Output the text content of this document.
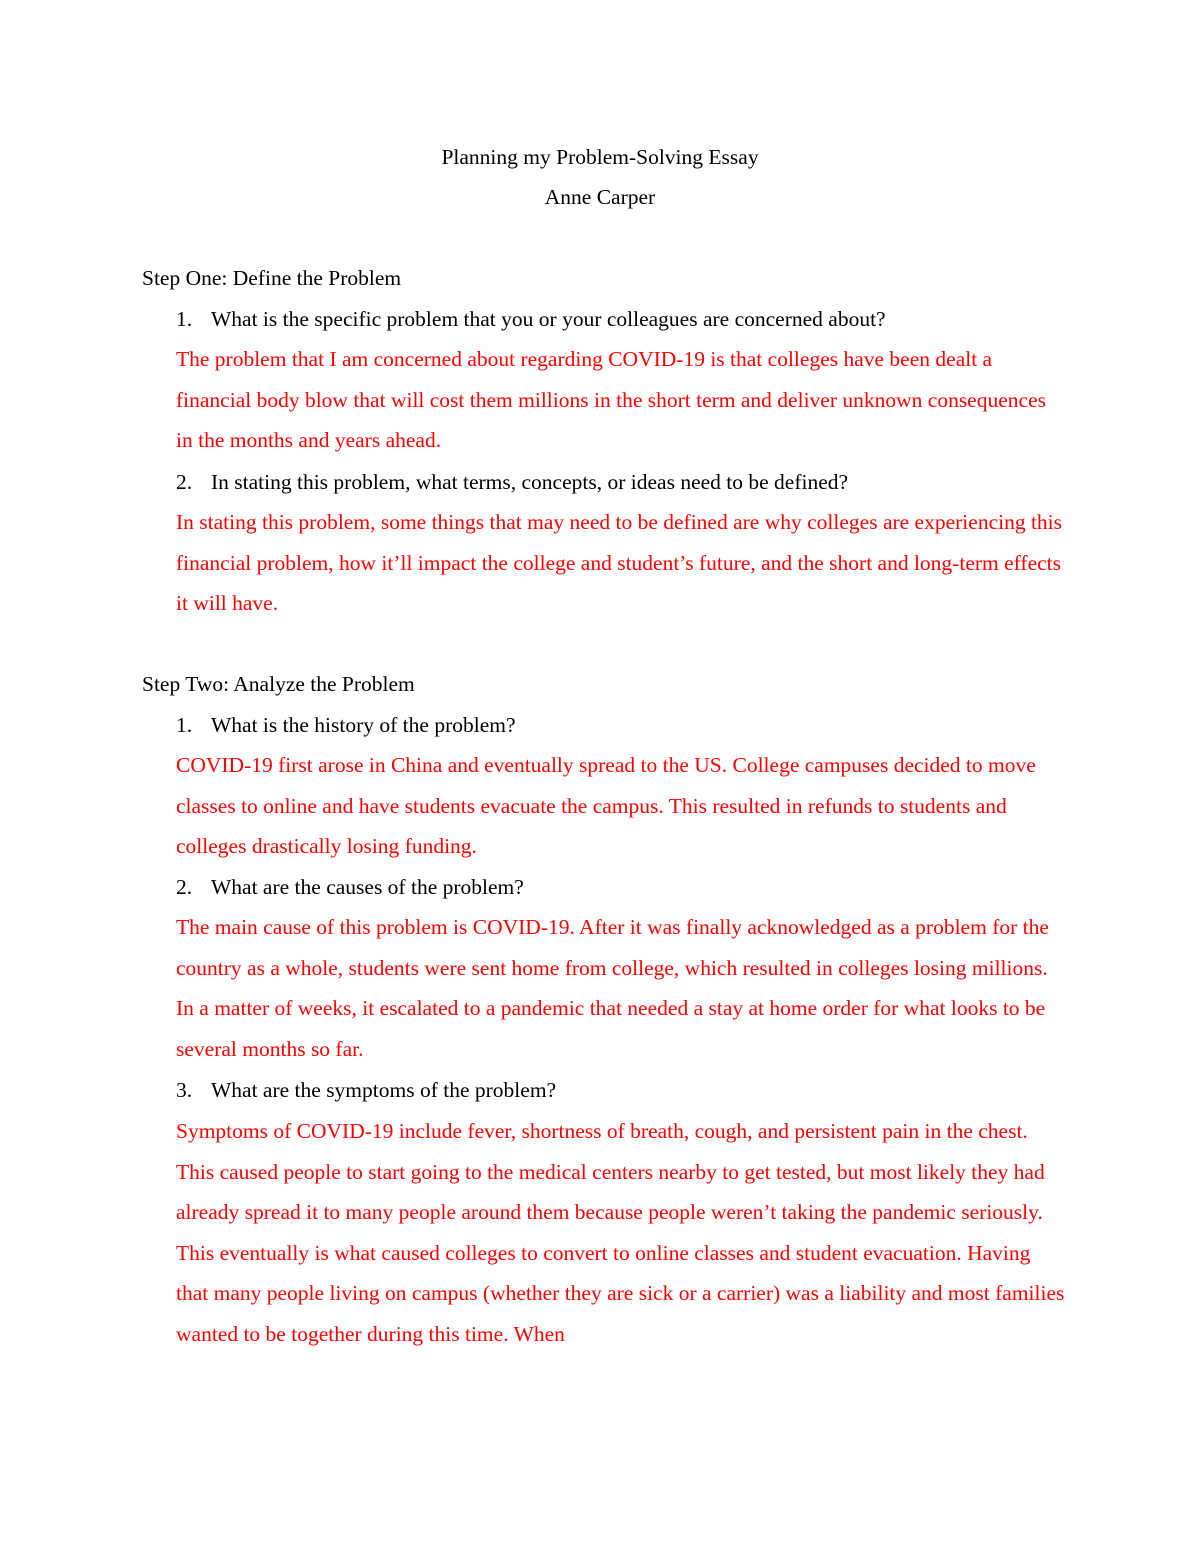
Planning my Problem-Solving Essay
Anne Carper
Step One: Define the Problem
1. What is the specific problem that you or your colleagues are concerned about?
The problem that I am concerned about regarding COVID-19 is that colleges have been dealt a financial body blow that will cost them millions in the short term and deliver unknown consequences in the months and years ahead.
2. In stating this problem, what terms, concepts, or ideas need to be defined?
In stating this problem, some things that may need to be defined are why colleges are experiencing this financial problem, how it’ll impact the college and student’s future, and the short and long-term effects it will have.
Step Two: Analyze the Problem
1. What is the history of the problem?
COVID-19 first arose in China and eventually spread to the US. College campuses decided to move classes to online and have students evacuate the campus. This resulted in refunds to students and colleges drastically losing funding.
2. What are the causes of the problem?
The main cause of this problem is COVID-19. After it was finally acknowledged as a problem for the country as a whole, students were sent home from college, which resulted in colleges losing millions. In a matter of weeks, it escalated to a pandemic that needed a stay at home order for what looks to be several months so far.
3. What are the symptoms of the problem?
Symptoms of COVID-19 include fever, shortness of breath, cough, and persistent pain in the chest. This caused people to start going to the medical centers nearby to get tested, but most likely they had already spread it to many people around them because people weren’t taking the pandemic seriously. This eventually is what caused colleges to convert to online classes and student evacuation. Having that many people living on campus (whether they are sick or a carrier) was a liability and most families wanted to be together during this time. When
